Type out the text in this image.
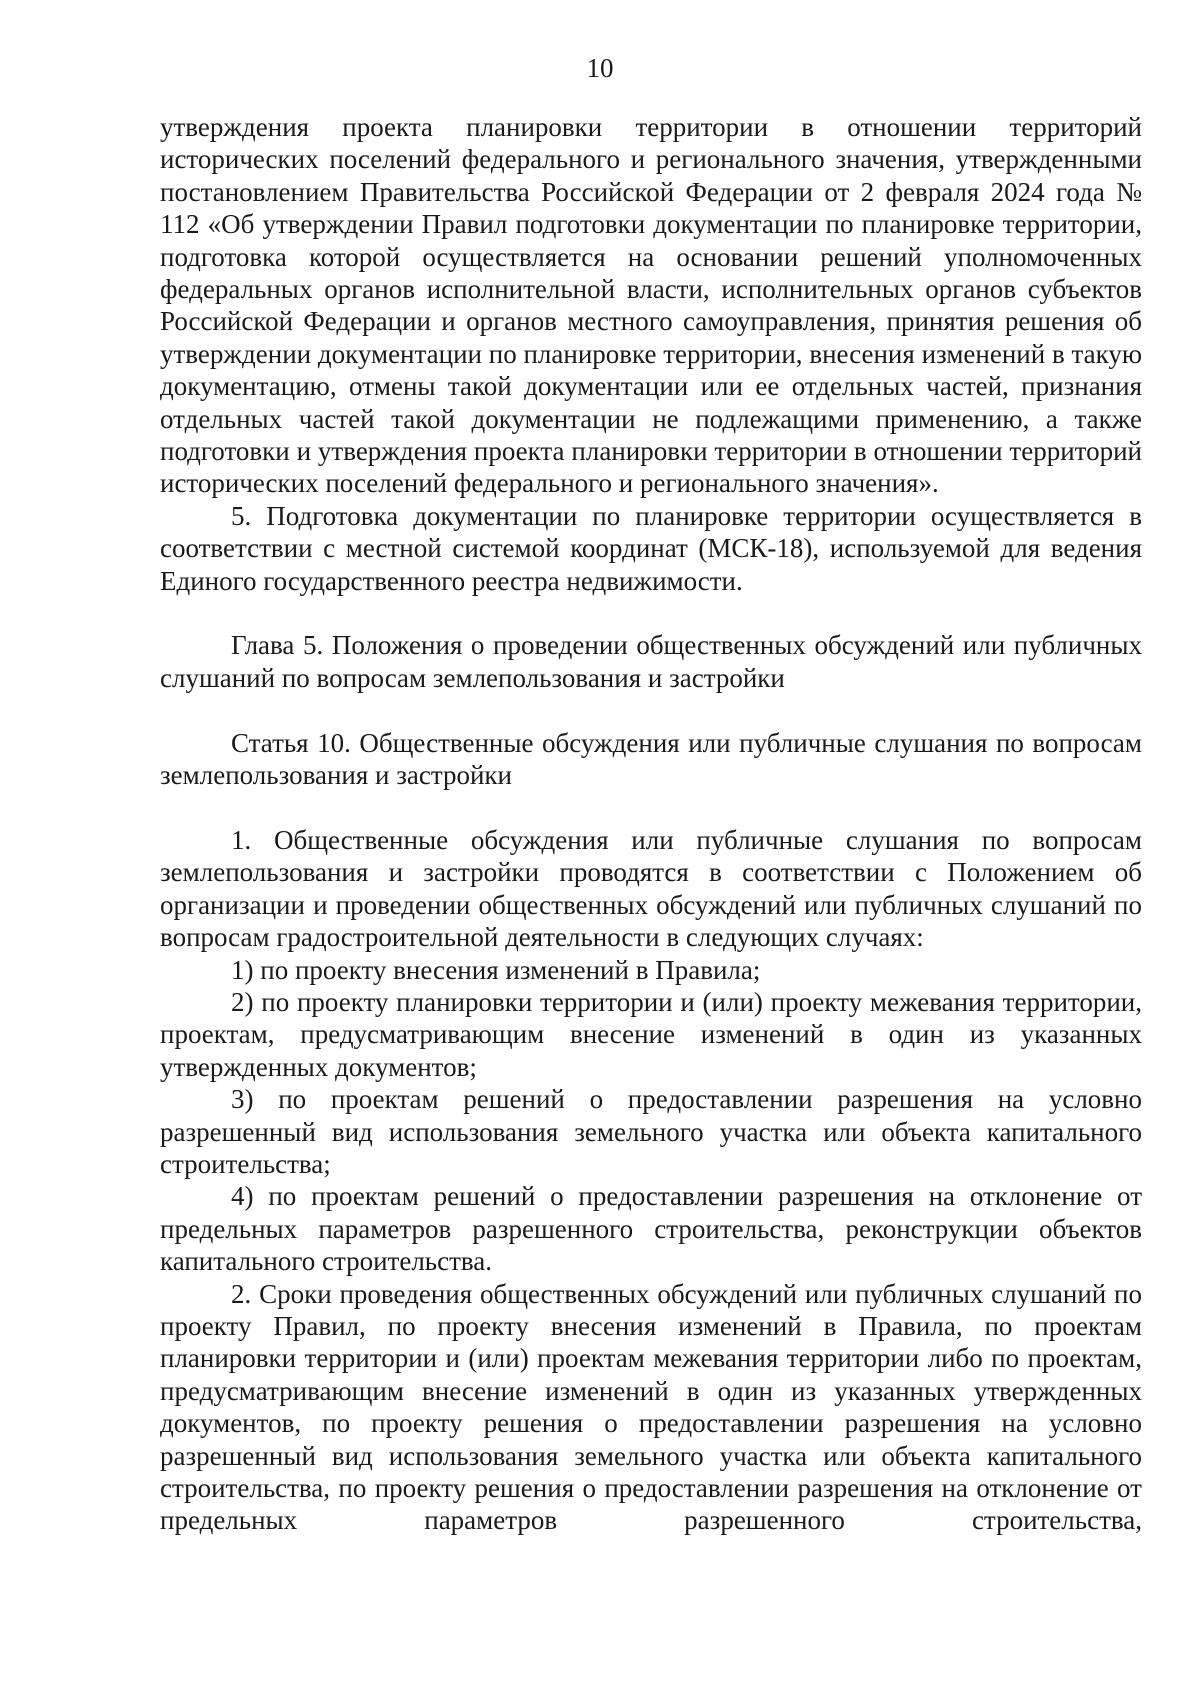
10

утверждения проекта планировки территории в отношении территорий исторических поселений федерального и регионального значения, утвержденными постановлением Правительства Российской Федерации от 2 февраля 2024 года № 112 «Об утверждении Правил подготовки документации по планировке территории, подготовка которой осуществляется на основании решений уполномоченных федеральных органов исполнительной власти, исполнительных органов субъектов Российской Федерации и органов местного самоуправления, принятия решения об утверждении документации по планировке территории, внесения изменений в такую документацию, отмены такой документации или ее отдельных частей, признания отдельных частей такой документации не подлежащими применению, а также подготовки и утверждения проекта планировки территории в отношении территорий исторических поселений федерального и регионального значения».

5. Подготовка документации по планировке территории осуществляется в соответствии с местной системой координат (МСК-18), используемой для ведения Единого государственного реестра недвижимости.

Глава 5. Положения о проведении общественных обсуждений или публичных слушаний по вопросам землепользования и застройки

Статья 10. Общественные обсуждения или публичные слушания по вопросам землепользования и застройки

1. Общественные обсуждения или публичные слушания по вопросам землепользования и застройки проводятся в соответствии с Положением об организации и проведении общественных обсуждений или публичных слушаний по вопросам градостроительной деятельности в следующих случаях:

1) по проекту внесения изменений в Правила;

2) по проекту планировки территории и (или) проекту межевания территории, проектам, предусматривающим внесение изменений в один из указанных утвержденных документов;

3) по проектам решений о предоставлении разрешения на условно разрешенный вид использования земельного участка или объекта капитального строительства;

4) по проектам решений о предоставлении разрешения на отклонение от предельных параметров разрешенного строительства, реконструкции объектов капитального строительства.

2. Сроки проведения общественных обсуждений или публичных слушаний по проекту Правил, по проекту внесения изменений в Правила, по проектам планировки территории и (или) проектам межевания территории либо по проектам, предусматривающим внесение изменений в один из указанных утвержденных документов, по проекту решения о предоставлении разрешения на условно разрешенный вид использования земельного участка или объекта капитального строительства, по проекту решения о предоставлении разрешения на отклонение от предельных параметров разрешенного строительства,
